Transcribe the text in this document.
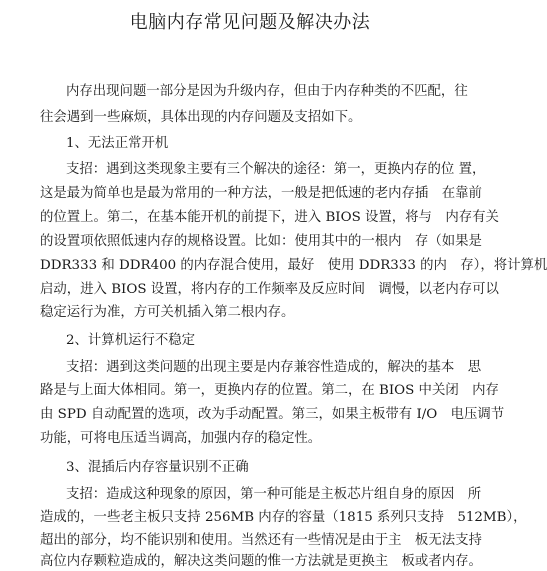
电脑内存常见问题及解决办法
内存出现问题一部分是因为升级内存，但由于内存种类的不匹配，往
往会遇到一些麻烦，具体出现的内存问题及支招如下。
1、无法正常开机
支招：遇到这类现象主要有三个解决的途径：第一，更换内存的位 置，
这是最为简单也是最为常用的一种方法，一般是把低速的老内存插　在靠前
的位置上。第二，在基本能开机的前提下，进入 BIOS 设置，将与　内存有关
的设置项依照低速内存的规格设置。比如：使用其中的一根内　存（如果是
DDR333 和 DDR400 的内存混合使用，最好　使用 DDR333 的内　存），将计算机
启动，进入 BIOS 设置，将内存的工作频率及反应时间　调慢，以老内存可以
稳定运行为准，方可关机插入第二根内存。
2、计算机运行不稳定
支招：遇到这类问题的出现主要是内存兼容性造成的，解决的基本　思
路是与上面大体相同。第一，更换内存的位置。第二，在 BIOS 中关闭　内存
由 SPD 自动配置的选项，改为手动配置。第三，如果主板带有 I/O　电压调节
功能，可将电压适当调高，加强内存的稳定性。
3、混插后内存容量识别不正确
支招：造成这种现象的原因，第一种可能是主板芯片组自身的原因　所
造成的，一些老主板只支持 256MB 内存的容量（1815 系列只支持　512MB），
超出的部分，均不能识别和使用。当然还有一些情况是由于主　板无法支持
高位内存颗粒造成的，解决这类问题的惟一方法就是更换主　板或者内存。
